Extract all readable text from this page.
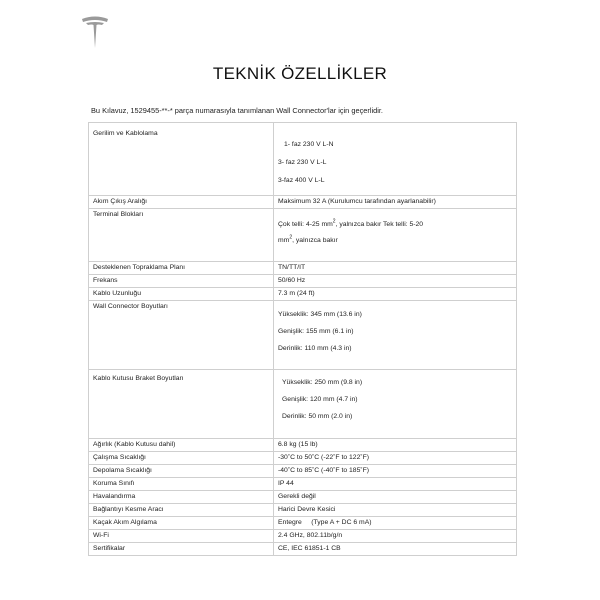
TEKNİK ÖZELLİKLER
Bu Kılavuz, 1529455-**-* parça numarasıyla tanımlanan Wall Connector'lar için geçerlidir.
Gerilim ve Kablolama	1- faz 230 V L-N
3- faz 230 V L-L
3-faz 400 V L-L

Akım Çıkış Aralığı	Maksimum 32 A (Kurulumcu tarafından ayarlanabilir)
Terminal Blokları	Çok telli: 4-25 $mm^2$, yalnızca bakır Tek telli: 5-20
$mm^2$, yalnızca bakır

Desteklenen Topraklama Planı	TN/TT/IT
Frekans	50/60 Hz
Kablo Uzunluğu	7.3 m (24 ft)
Wall Connector Boyutları	Yükseklik: 345 mm (13.6 in)
Genişlik: 155 mm (6.1 in)
Derinlik: 110 mm (4.3 in)

Kablo Kutusu Braket Boyutları	Yükseklik: 250 mm (9.8 in)
Genişlik: 120 mm (4.7 in)
Derinlik: 50 mm (2.0 in)

Ağırlık (Kablo Kutusu dahil)	6.8 kg (15 lb)
Çalışma Sıcaklığı	-30˚C to 50˚C (-22˚F to 122˚F)
Depolama Sıcaklığı	-40˚C to 85˚C (-40˚F to 185˚F)
Koruma Sınıfı	IP 44
Havalandırma	Gerekli değil
Bağlantıyı Kesme Aracı	Harici Devre Kesici
Kaçak Akım Algılama	Entegre     (Type A + DC 6 mA)
Wi-Fi	2.4 GHz, 802.11b/g/n
Sertifikalar	CE, IEC 61851-1 CB
